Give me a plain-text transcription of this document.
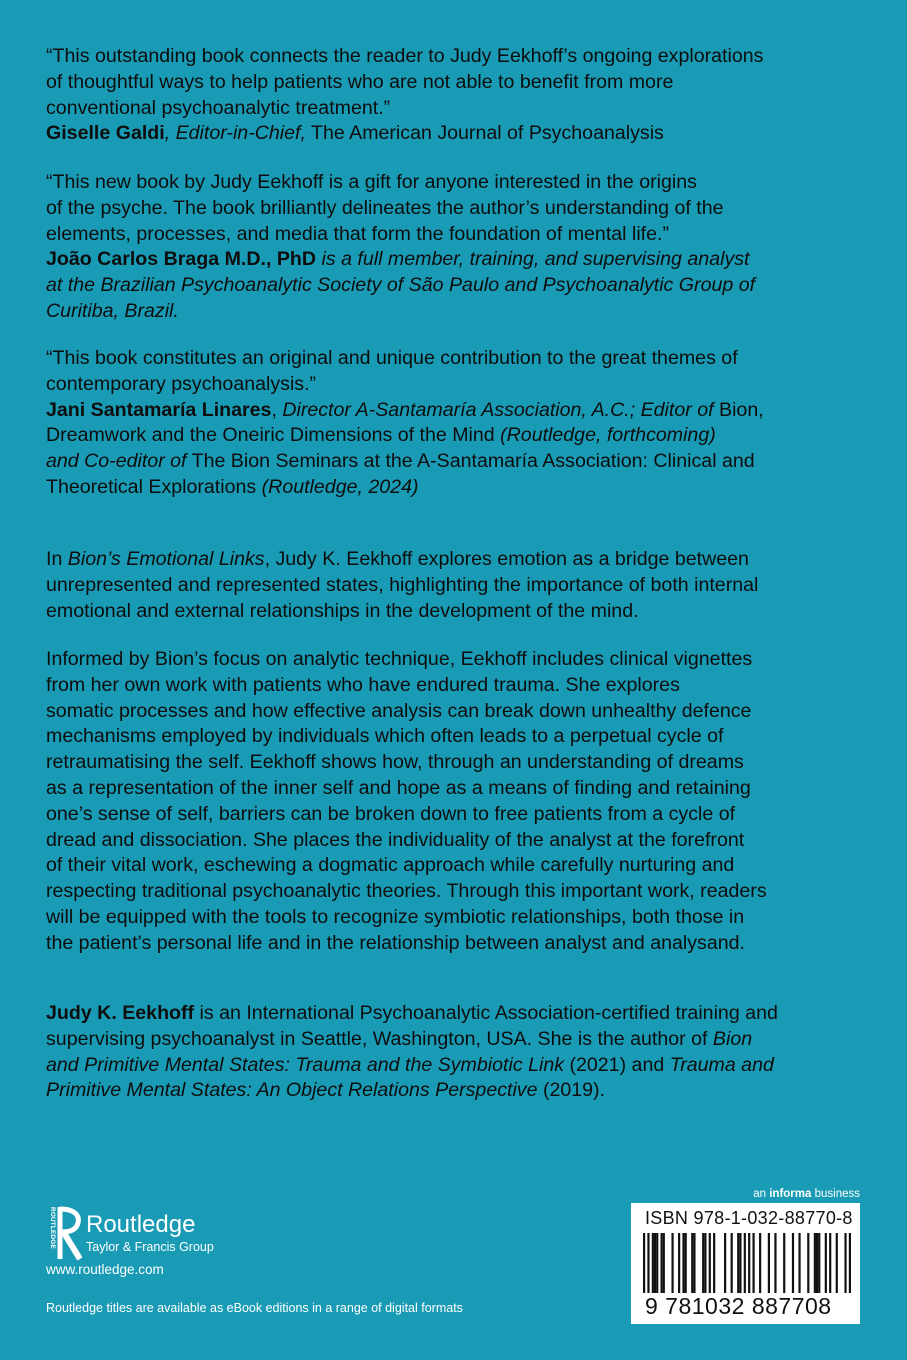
“This outstanding book connects the reader to Judy Eekhoff’s ongoing explorations

of thoughtful ways to help patients who are not able to benefit from more

conventional psychoanalytic treatment.”

Giselle Galdi, Editor-in-Chief, The American Journal of Psychoanalysis

“This new book by Judy Eekhoff is a gift for anyone interested in the origins

of the psyche. The book brilliantly delineates the author’s understanding of the

elements, processes, and media that form the foundation of mental life.”

João Carlos Braga M.D., PhD is a full member, training, and supervising analyst

at the Brazilian Psychoanalytic Society of São Paulo and Psychoanalytic Group of

Curitiba, Brazil.

“This book constitutes an original and unique contribution to the great themes of

contemporary psychoanalysis.”

Jani Santamaría Linares, Director A-Santamaría Association, A.C.; Editor of Bion,

Dreamwork and the Oneiric Dimensions of the Mind (Routledge, forthcoming)

and Co-editor of The Bion Seminars at the A-Santamaría Association: Clinical and

Theoretical Explorations (Routledge, 2024)

In Bion’s Emotional Links, Judy K. Eekhoff explores emotion as a bridge between

unrepresented and represented states, highlighting the importance of both internal

emotional and external relationships in the development of the mind.

Informed by Bion’s focus on analytic technique, Eekhoff includes clinical vignettes

from her own work with patients who have endured trauma. She explores

somatic processes and how effective analysis can break down unhealthy defence

mechanisms employed by individuals which often leads to a perpetual cycle of

retraumatising the self. Eekhoff shows how, through an understanding of dreams

as a representation of the inner self and hope as a means of finding and retaining

one’s sense of self, barriers can be broken down to free patients from a cycle of

dread and dissociation. She places the individuality of the analyst at the forefront

of their vital work, eschewing a dogmatic approach while carefully nurturing and

respecting traditional psychoanalytic theories. Through this important work, readers

will be equipped with the tools to recognize symbiotic relationships, both those in

the patient’s personal life and in the relationship between analyst and analysand.

Judy K. Eekhoff is an International Psychoanalytic Association-certified training and

supervising psychoanalyst in Seattle, Washington, USA. She is the author of Bion

and Primitive Mental States: Trauma and the Symbiotic Link (2021) and Trauma and

Primitive Mental States: An Object Relations Perspective (2019).

ROUTLEDGE Routledge
Taylor & Francis Group
www.routledge.com
Routledge titles are available as eBook editions in a range of digital formats
an informa business
ISBN 978-1-032-88770-8
9 781032 887708
